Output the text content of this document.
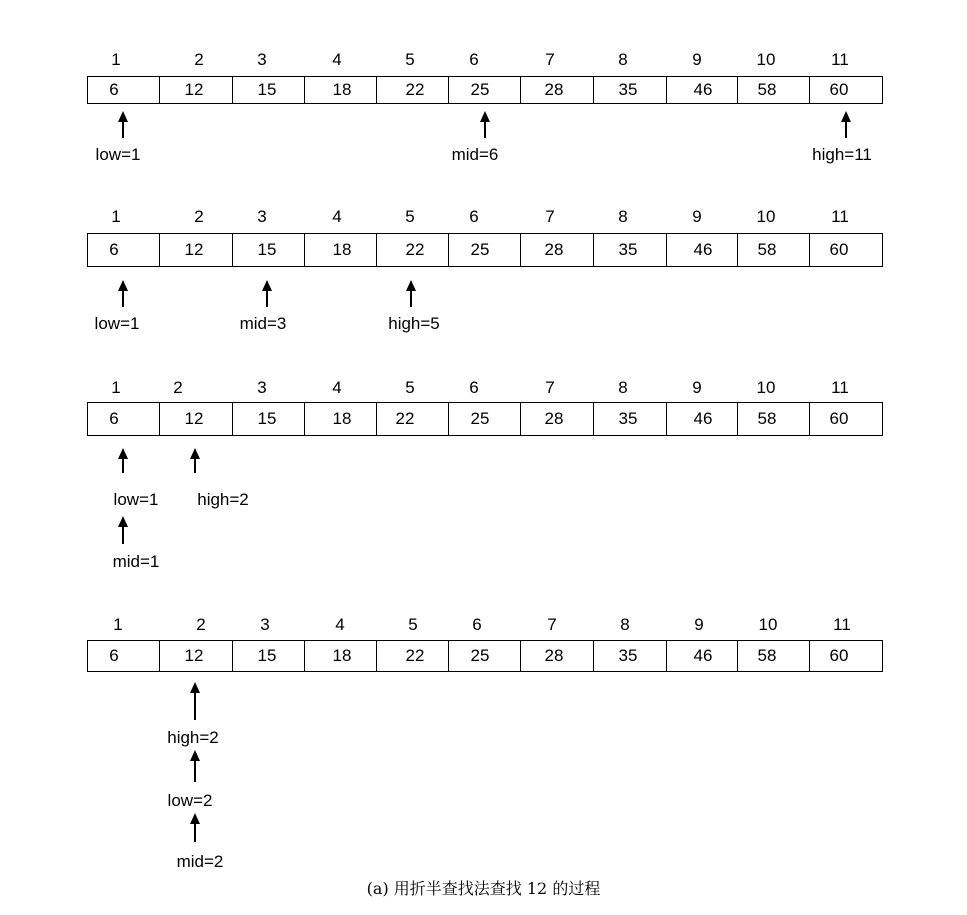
1	2	3	4	5	6	7	8	9	10	11
6	12	15	18	22	25	28	35	46	58	60
low=1	mid=6	high=11
1	2	3	4	5	6	7	8	9	10	11
6	12	15	18	22	25	28	35	46	58	60
low=1	mid=3	high=5
1	2	3	4	5	6	7	8	9	10	11
6	12	15	18	22	25	28	35	46	58	60
low=1 high=2
mid=1
1	2	3	4	5	6	7	8	9	10	11
6	12	15	18	22	25	28	35	46	58	60
high=2
low=2
mid=2
(a) 用折半查找法查找 12 的过程
